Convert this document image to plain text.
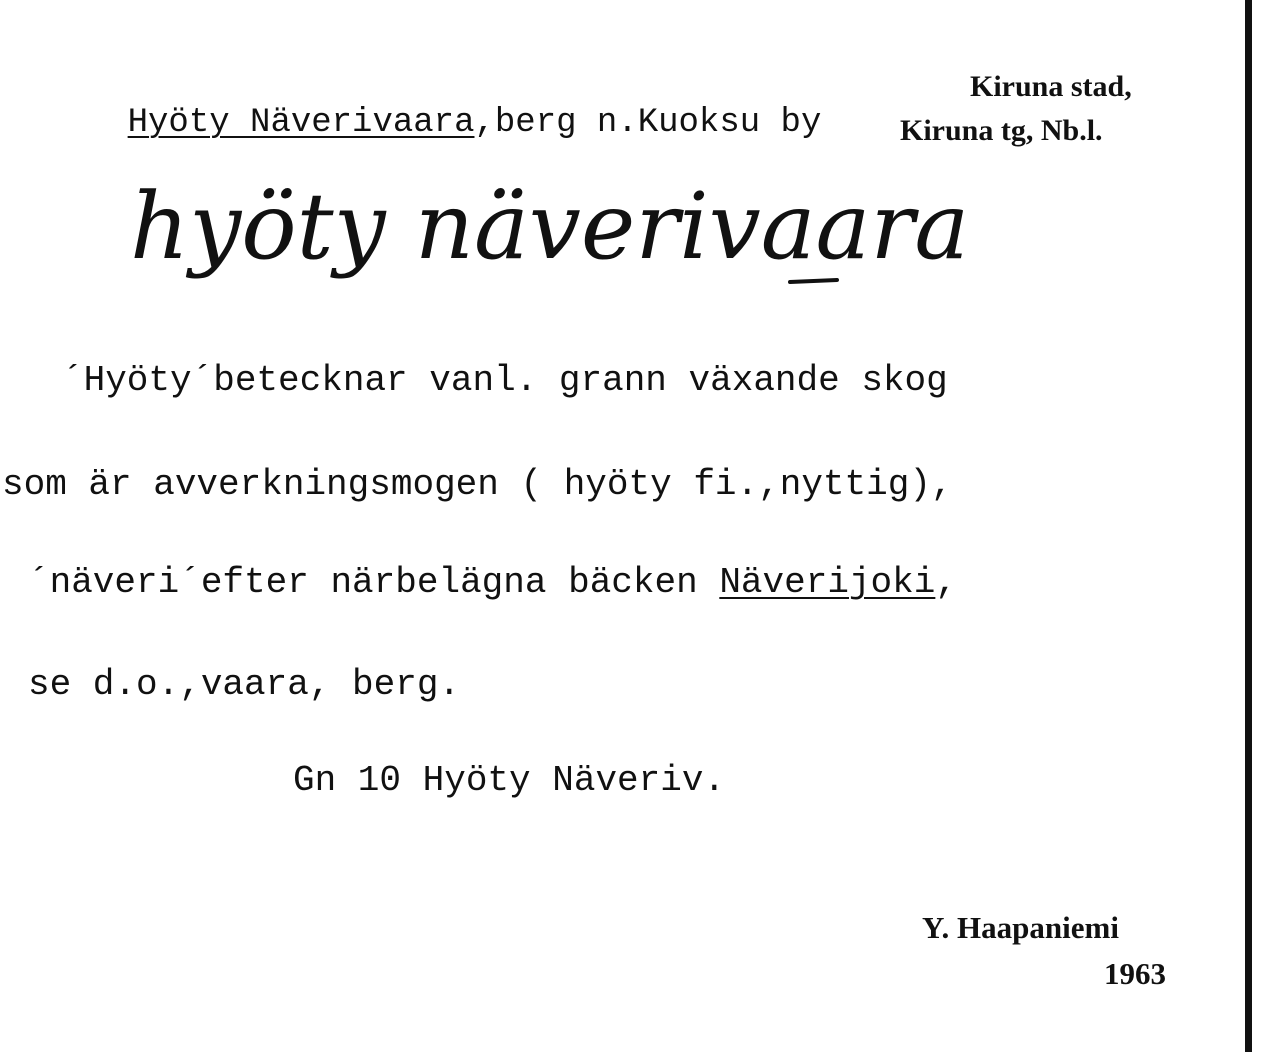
Hyöty Näverivaara,berg n.Kuoksu by

Kiruna stad,
Kiruna tg, Nb.l.
hyöty näverivaara
´Hyöty´betecknar vanl. grann växande skog
som är avverkningsmogen ( hyöty fi.,nyttig),
´näveri´efter närbelägna bäcken Näverijoki,
se d.o.,vaara, berg.
Gn 10 Hyöty Näveriv.
Y. Haapaniemi
1963
